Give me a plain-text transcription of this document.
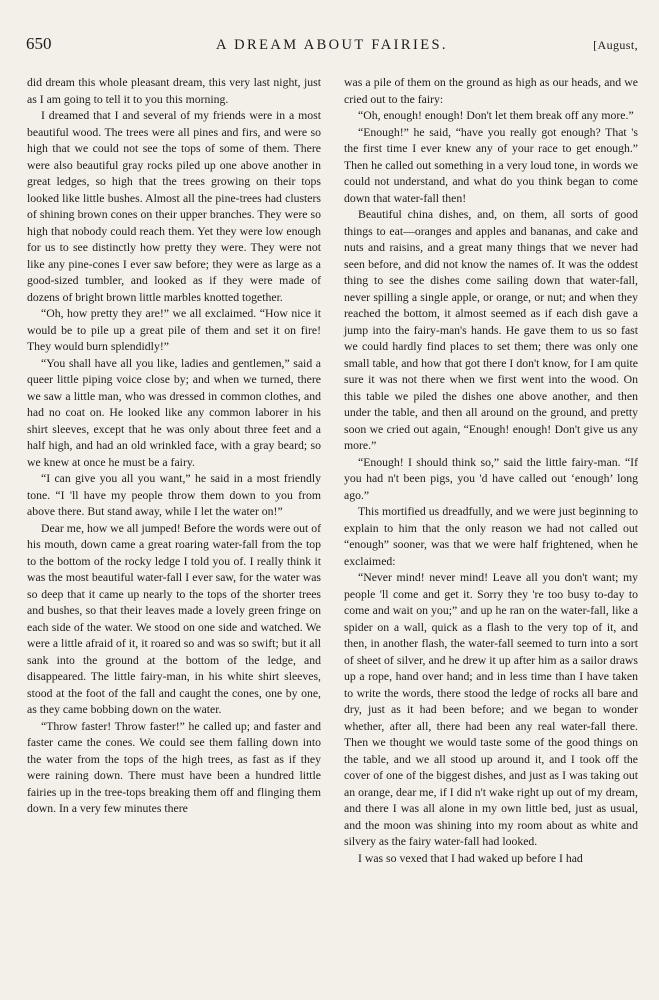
650	A DREAM ABOUT FAIRIES.	[August,

did dream this whole pleasant dream, this very last night, just as I am going to tell it to you this morning.

I dreamed that I and several of my friends were in a most beautiful wood. The trees were all pines and firs, and were so high that we could not see the tops of some of them. There were also beautiful gray rocks piled up one above another in great ledges, so high that the trees growing on their tops looked like little bushes. Almost all the pine-trees had clusters of shining brown cones on their upper branches. They were so high that nobody could reach them. Yet they were low enough for us to see distinctly how pretty they were. They were not like any pine-cones I ever saw before; they were as large as a good-sized tumbler, and looked as if they were made of dozens of bright brown little marbles knotted together.

“Oh, how pretty they are!” we all exclaimed. “How nice it would be to pile up a great pile of them and set it on fire! They would burn splendidly!”

“You shall have all you like, ladies and gentlemen,” said a queer little piping voice close by; and when we turned, there we saw a little man, who was dressed in common clothes, and had no coat on. He looked like any common laborer in his shirt sleeves, except that he was only about three feet and a half high, and had an old wrinkled face, with a gray beard; so we knew at once he must be a fairy.

“I can give you all you want,” he said in a most friendly tone. “I 'll have my people throw them down to you from above there. But stand away, while I let the water on!”

Dear me, how we all jumped! Before the words were out of his mouth, down came a great roaring water-fall from the top to the bottom of the rocky ledge I told you of. I really think it was the most beautiful water-fall I ever saw, for the water was so deep that it came up nearly to the tops of the shorter trees and bushes, so that their leaves made a lovely green fringe on each side of the water. We stood on one side and watched. We were a little afraid of it, it roared so and was so swift; but it all sank into the ground at the bottom of the ledge, and disappeared. The little fairy-man, in his white shirt sleeves, stood at the foot of the fall and caught the cones, one by one, as they came bobbing down on the water.

“Throw faster! Throw faster!” he called up; and faster and faster came the cones. We could see them falling down into the water from the tops of the high trees, as fast as if they were raining down. There must have been a hundred little fairies up in the tree-tops breaking them off and flinging them down. In a very few minutes there

was a pile of them on the ground as high as our heads, and we cried out to the fairy:

“Oh, enough! enough! Don't let them break off any more.”

“Enough!” he said, “have you really got enough? That 's the first time I ever knew any of your race to get enough.” Then he called out something in a very loud tone, in words we could not understand, and what do you think began to come down that water-fall then!

Beautiful china dishes, and, on them, all sorts of good things to eat—oranges and apples and bananas, and cake and nuts and raisins, and a great many things that we never had seen before, and did not know the names of. It was the oddest thing to see the dishes come sailing down that water-fall, never spilling a single apple, or orange, or nut; and when they reached the bottom, it almost seemed as if each dish gave a jump into the fairy-man's hands. He gave them to us so fast we could hardly find places to set them; there was only one small table, and how that got there I don't know, for I am quite sure it was not there when we first went into the wood. On this table we piled the dishes one above another, and then under the table, and then all around on the ground, and pretty soon we cried out again, “Enough! enough! Don't give us any more.”

“Enough! I should think so,” said the little fairy-man. “If you had n't been pigs, you 'd have called out ‘enough’ long ago.”

This mortified us dreadfully, and we were just beginning to explain to him that the only reason we had not called out “enough” sooner, was that we were half frightened, when he exclaimed:

“Never mind! never mind! Leave all you don't want; my people 'll come and get it. Sorry they 're too busy to-day to come and wait on you;” and up he ran on the water-fall, like a spider on a wall, quick as a flash to the very top of it, and then, in another flash, the water-fall seemed to turn into a sort of sheet of silver, and he drew it up after him as a sailor draws up a rope, hand over hand; and in less time than I have taken to write the words, there stood the ledge of rocks all bare and dry, just as it had been before; and we began to wonder whether, after all, there had been any real water-fall there. Then we thought we would taste some of the good things on the table, and we all stood up around it, and I took off the cover of one of the biggest dishes, and just as I was taking out an orange, dear me, if I did n't wake right up out of my dream, and there I was all alone in my own little bed, just as usual, and the moon was shining into my room about as white and silvery as the fairy water-fall had looked.

I was so vexed that I had waked up before I had
